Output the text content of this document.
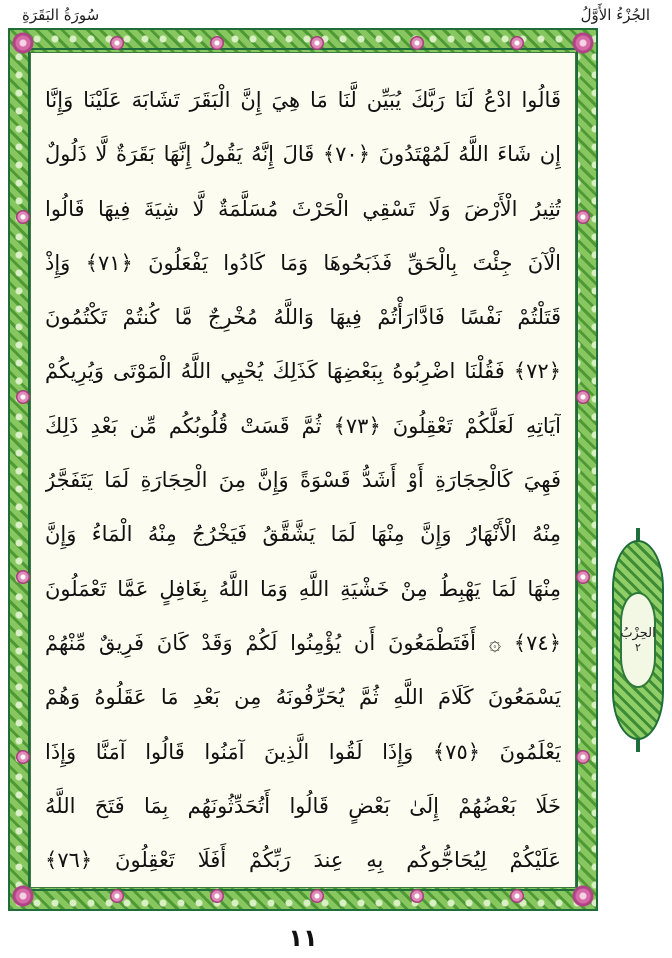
الجُزْءُ الأَوَّلُ
سُورَةُ البَقَرَةِ
قَالُوا ادْعُ لَنَا رَبَّكَ يُبَيِّن لَّنَا مَا هِيَ إِنَّ الْبَقَرَ تَشَابَهَ عَلَيْنَا وَإِنَّا
إِن شَاءَ اللَّهُ لَمُهْتَدُونَ ﴿٧٠﴾ قَالَ إِنَّهُ يَقُولُ إِنَّهَا بَقَرَةٌ لَّا ذَلُولٌ
تُثِيرُ الْأَرْضَ وَلَا تَسْقِي الْحَرْثَ مُسَلَّمَةٌ لَّا شِيَةَ فِيهَا قَالُوا
الْآنَ جِئْتَ بِالْحَقِّ فَذَبَحُوهَا وَمَا كَادُوا يَفْعَلُونَ ﴿٧١﴾ وَإِذْ
قَتَلْتُمْ نَفْسًا فَادَّارَأْتُمْ فِيهَا وَاللَّهُ مُخْرِجٌ مَّا كُنتُمْ تَكْتُمُونَ
﴿٧٢﴾ فَقُلْنَا اضْرِبُوهُ بِبَعْضِهَا كَذَلِكَ يُحْيِي اللَّهُ الْمَوْتَى وَيُرِيكُمْ
آيَاتِهِ لَعَلَّكُمْ تَعْقِلُونَ ﴿٧٣﴾ ثُمَّ قَسَتْ قُلُوبُكُم مِّن بَعْدِ ذَلِكَ
فَهِيَ كَالْحِجَارَةِ أَوْ أَشَدُّ قَسْوَةً وَإِنَّ مِنَ الْحِجَارَةِ لَمَا يَتَفَجَّرُ
مِنْهُ الْأَنْهَارُ وَإِنَّ مِنْهَا لَمَا يَشَّقَّقُ فَيَخْرُجُ مِنْهُ الْمَاءُ وَإِنَّ
مِنْهَا لَمَا يَهْبِطُ مِنْ خَشْيَةِ اللَّهِ وَمَا اللَّهُ بِغَافِلٍ عَمَّا تَعْمَلُونَ
﴿٧٤﴾ ۞ أَفَتَطْمَعُونَ أَن يُؤْمِنُوا لَكُمْ وَقَدْ كَانَ فَرِيقٌ مِّنْهُمْ
يَسْمَعُونَ كَلَامَ اللَّهِ ثُمَّ يُحَرِّفُونَهُ مِن بَعْدِ مَا عَقَلُوهُ وَهُمْ
يَعْلَمُونَ ﴿٧٥﴾ وَإِذَا لَقُوا الَّذِينَ آمَنُوا قَالُوا آمَنَّا وَإِذَا
خَلَا بَعْضُهُمْ إِلَىٰ بَعْضٍ قَالُوا أَتُحَدِّثُونَهُم بِمَا فَتَحَ اللَّهُ
عَلَيْكُمْ لِيُحَاجُّوكُم بِهِ عِندَ رَبِّكُمْ أَفَلَا تَعْقِلُونَ ﴿٧٦﴾
١١
الحِزْبُ
٢
